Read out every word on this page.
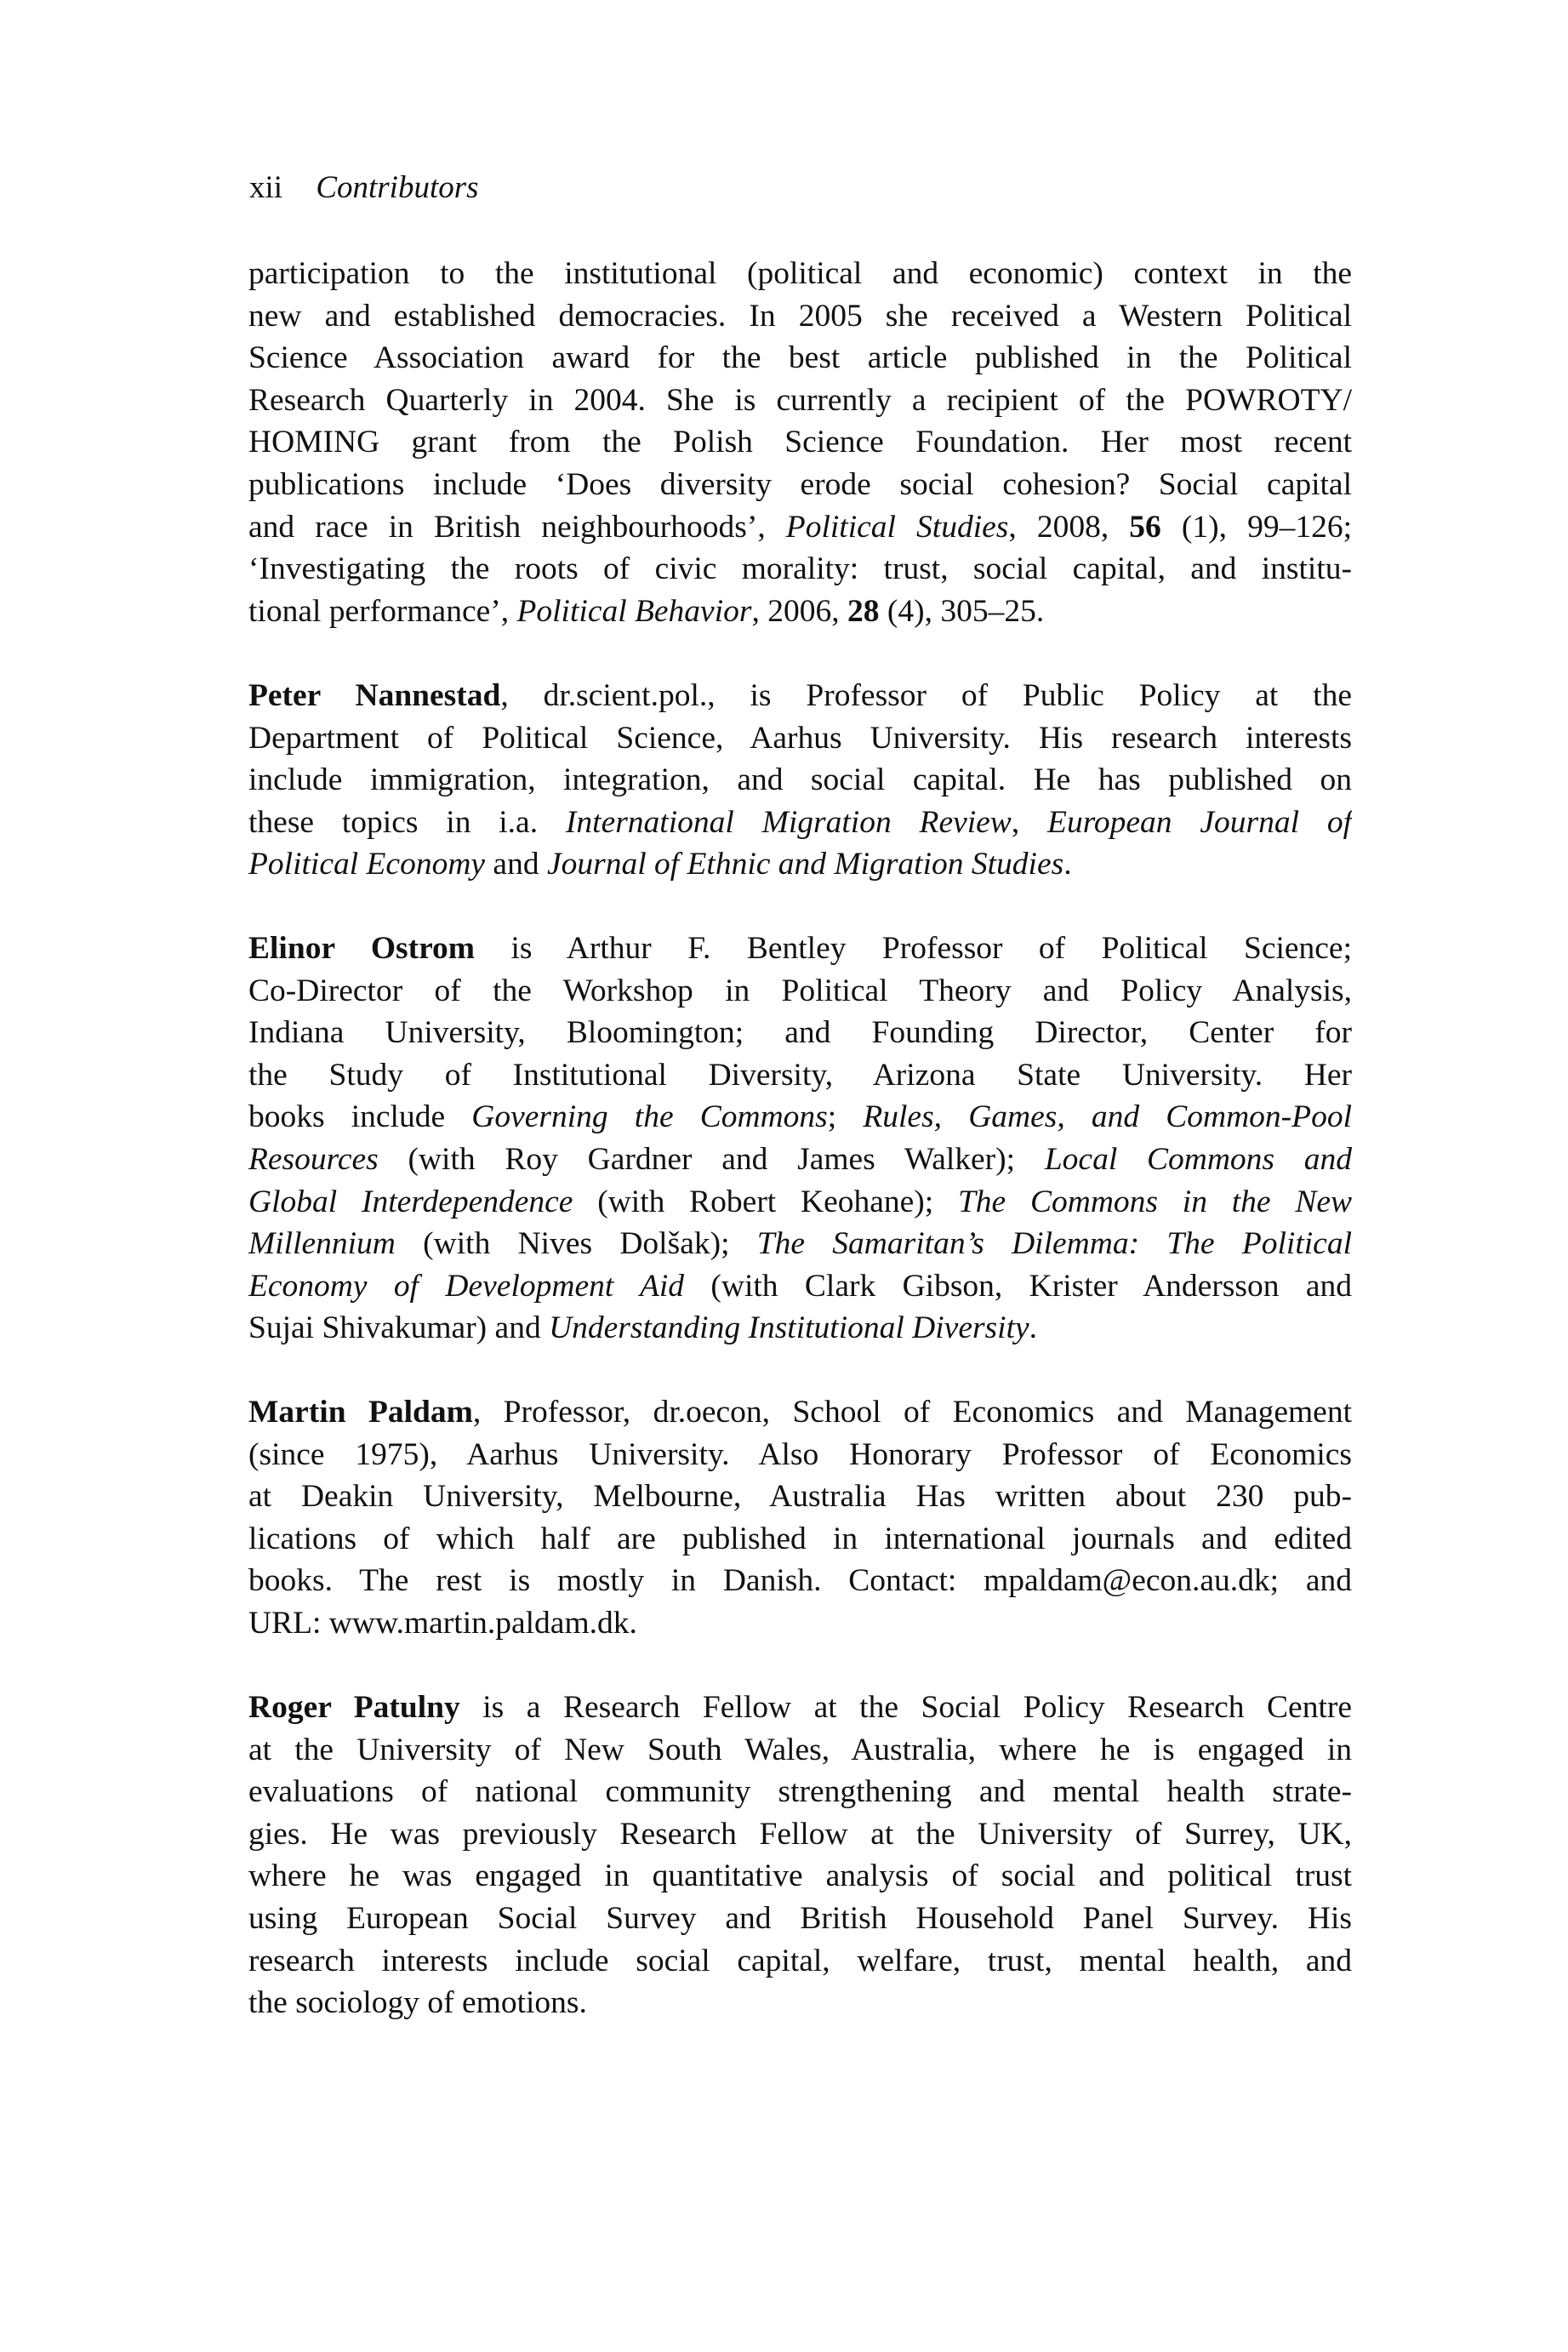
xii Contributors
participation to the institutional (political and economic) context in the
new and established democracies. In 2005 she received a Western Political
Science Association award for the best article published in the Political
Research Quarterly in 2004. She is currently a recipient of the POWROTY/
HOMING grant from the Polish Science Foundation. Her most recent
publications include ‘Does diversity erode social cohesion? Social capital
and race in British neighbourhoods’, Political Studies, 2008, 56 (1), 99–126;
‘Investigating the roots of civic morality: trust, social capital, and institu-
tional performance’, Political Behavior, 2006, 28 (4), 305–25.
Peter Nannestad, dr.scient.pol., is Professor of Public Policy at the
Department of Political Science, Aarhus University. His research interests
include immigration, integration, and social capital. He has published on
these topics in i.a. International Migration Review, European Journal of
Political Economy and Journal of Ethnic and Migration Studies.
Elinor Ostrom is Arthur F. Bentley Professor of Political Science;
Co-Director of the Workshop in Political Theory and Policy Analysis,
Indiana University, Bloomington; and Founding Director, Center for
the Study of Institutional Diversity, Arizona State University. Her
books include Governing the Commons; Rules, Games, and Common-Pool
Resources (with Roy Gardner and James Walker); Local Commons and
Global Interdependence (with Robert Keohane); The Commons in the New
Millennium (with Nives Dolšak); The Samaritan’s Dilemma: The Political
Economy of Development Aid (with Clark Gibson, Krister Andersson and
Sujai Shivakumar) and Understanding Institutional Diversity.
Martin Paldam, Professor, dr.oecon, School of Economics and Management
(since 1975), Aarhus University. Also Honorary Professor of Economics
at Deakin University, Melbourne, Australia Has written about 230 pub-
lications of which half are published in international journals and edited
books. The rest is mostly in Danish. Contact: mpaldam@econ.au.dk; and
URL: www.martin.paldam.dk.
Roger Patulny is a Research Fellow at the Social Policy Research Centre
at the University of New South Wales, Australia, where he is engaged in
evaluations of national community strengthening and mental health strate-
gies. He was previously Research Fellow at the University of Surrey, UK,
where he was engaged in quantitative analysis of social and political trust
using European Social Survey and British Household Panel Survey. His
research interests include social capital, welfare, trust, mental health, and
the sociology of emotions.
